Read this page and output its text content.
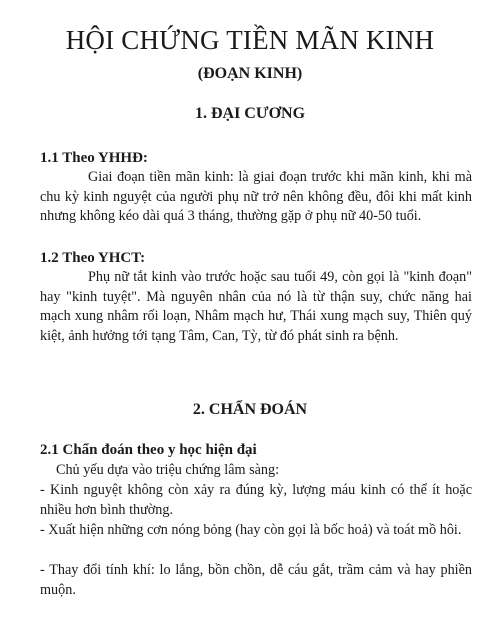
HỘI CHỨNG TIỀN MÃN KINH
(ĐOẠN KINH)
1. ĐẠI CƯƠNG
1.1 Theo YHHĐ:

Giai đoạn tiền mãn kinh: là giai đoạn trước khi mãn kinh, khi mà chu kỳ kinh nguyệt của người phụ nữ trở nên không đều, đôi khi mất kinh nhưng không kéo dài quá 3 tháng, thường gặp ở phụ nữ 40-50 tuổi.

1.2 Theo YHCT:

Phụ nữ tắt kinh vào trước hoặc sau tuổi 49, còn gọi là "kinh đoạn" hay "kinh tuyệt". Mà nguyên nhân của nó là từ thận suy, chức năng hai mạch xung nhâm rối loạn, Nhâm mạch hư, Thái xung mạch suy, Thiên quý kiệt, ảnh hưởng tới tạng Tâm, Can, Tỳ, từ đó phát sinh ra bệnh.

2. CHẨN ĐOÁN
2.1 Chẩn đoán theo y học hiện đại

Chủ yếu dựa vào triệu chứng lâm sàng:

- Kinh nguyệt không còn xảy ra đúng kỳ, lượng máu kinh có thể ít hoặc nhiều hơn bình thường.

- Xuất hiện những cơn nóng bỏng (hay còn gọi là bốc hoả) và toát mồ hôi.

- Thay đổi tính khí: lo lắng, bồn chồn, dễ cáu gắt, trầm cảm và hay phiền muộn.
